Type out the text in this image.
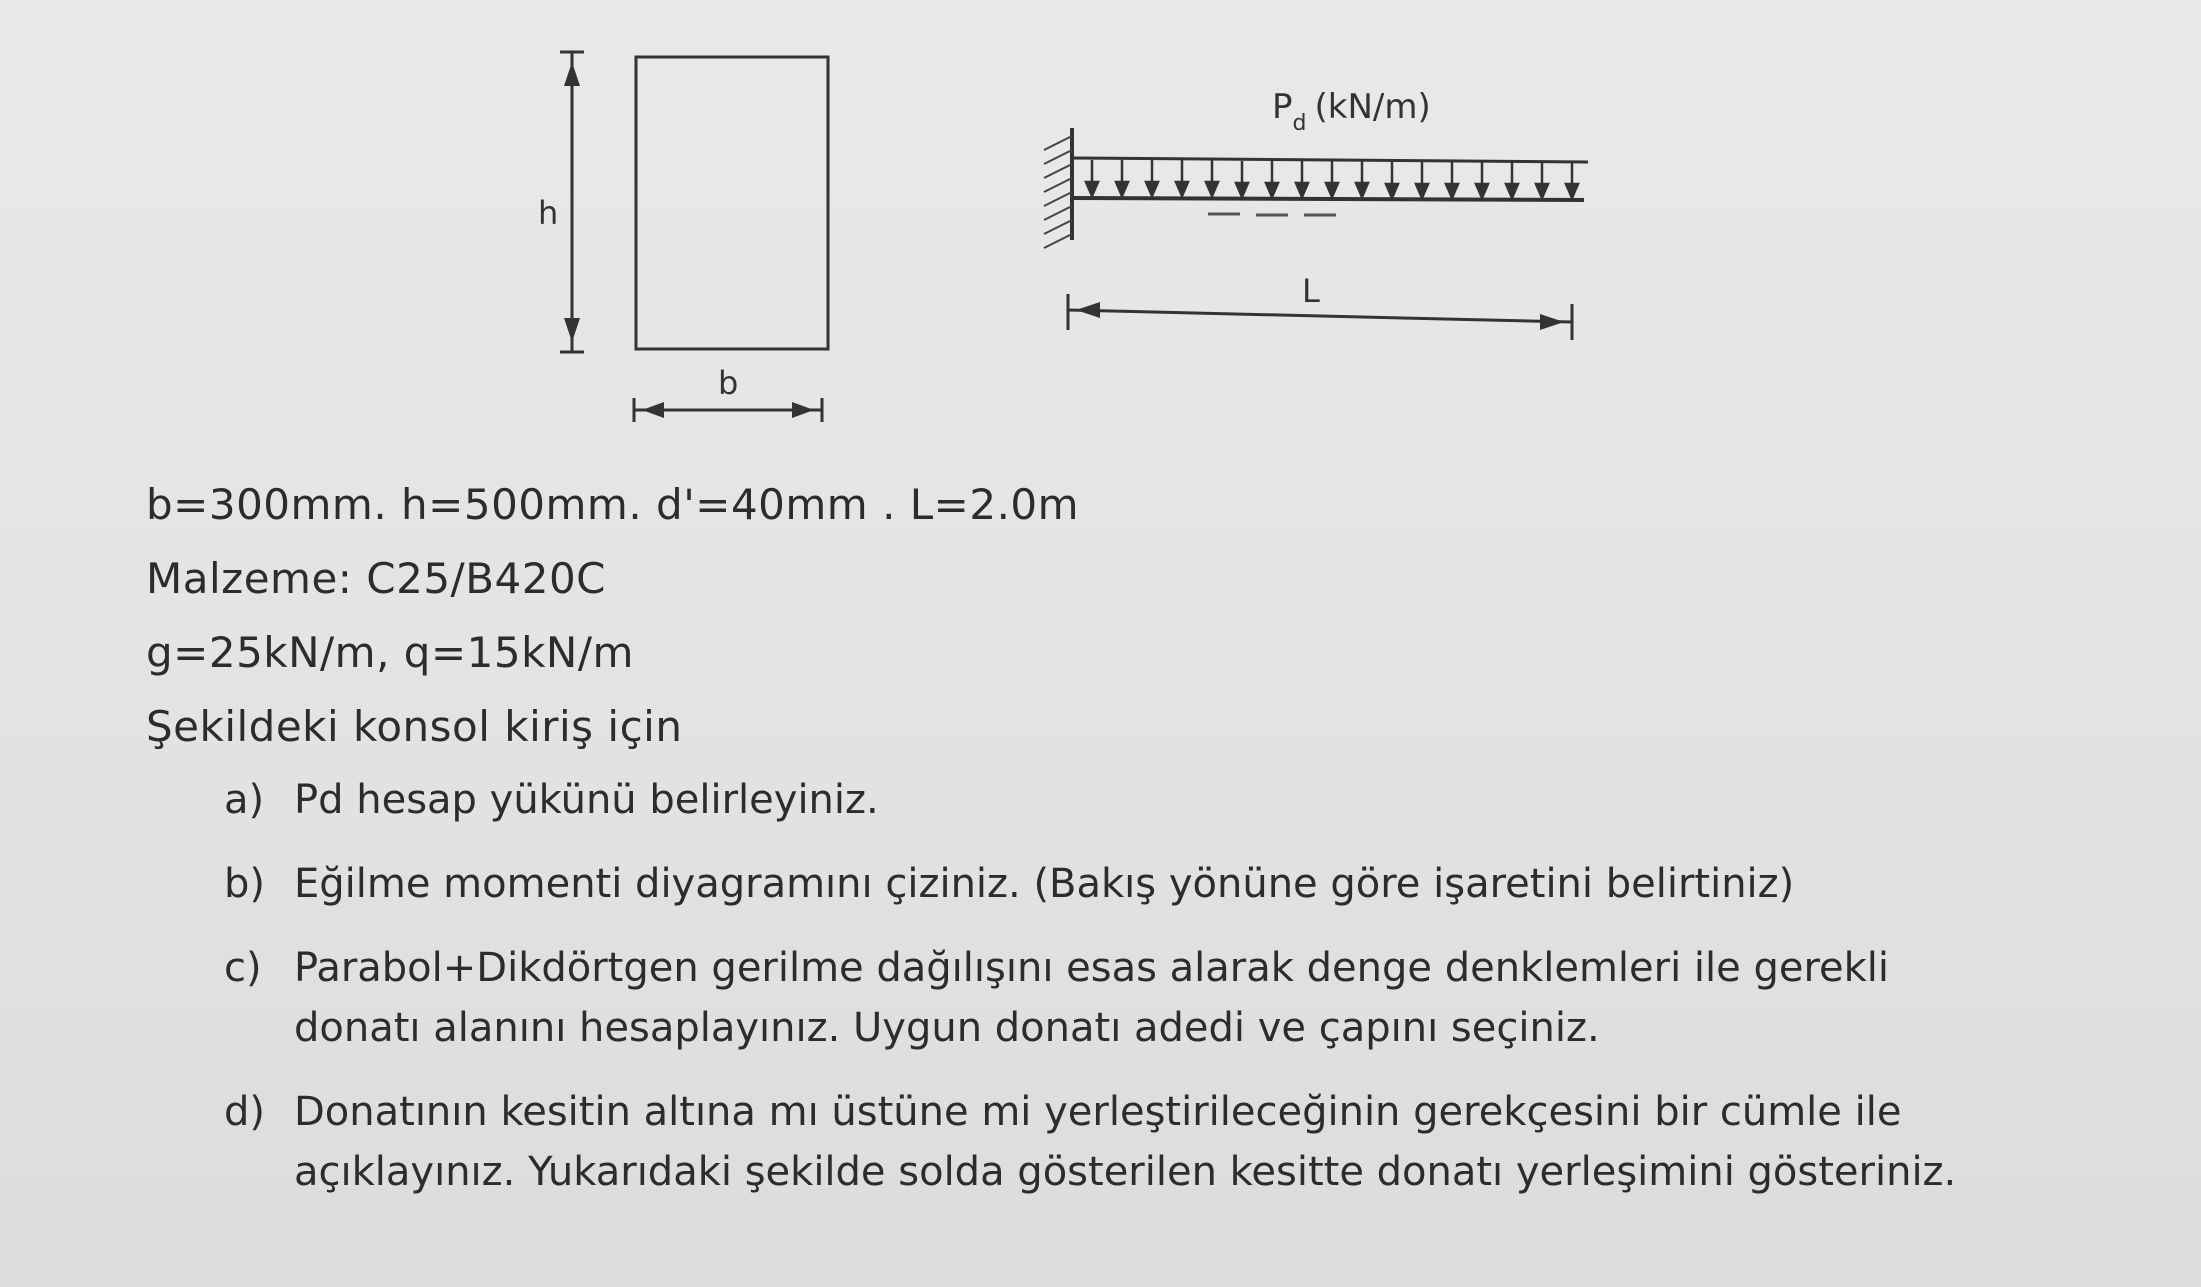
h
b
$P_d$ (kN/m)
L
b=300mm. h=500mm. d'=40mm . L=2.0m
Malzeme: C25/B420C
g=25kN/m, q=15kN/m
Şekildeki konsol kiriş için
a) Pd hesap yükünü belirleyiniz.
b) Eğilme momenti diyagramını çiziniz. (Bakış yönüne göre işaretini belirtiniz)
c) Parabol+Dikdörtgen gerilme dağılışını esas alarak denge denklemleri ile gerekli donatı alanını hesaplayınız. Uygun donatı adedi ve çapını seçiniz.
d) Donatının kesitin altına mı üstüne mi yerleştirileceğinin gerekçesini bir cümle ile açıklayınız. Yukarıdaki şekilde solda gösterilen kesitte donatı yerleşimini gösteriniz.
